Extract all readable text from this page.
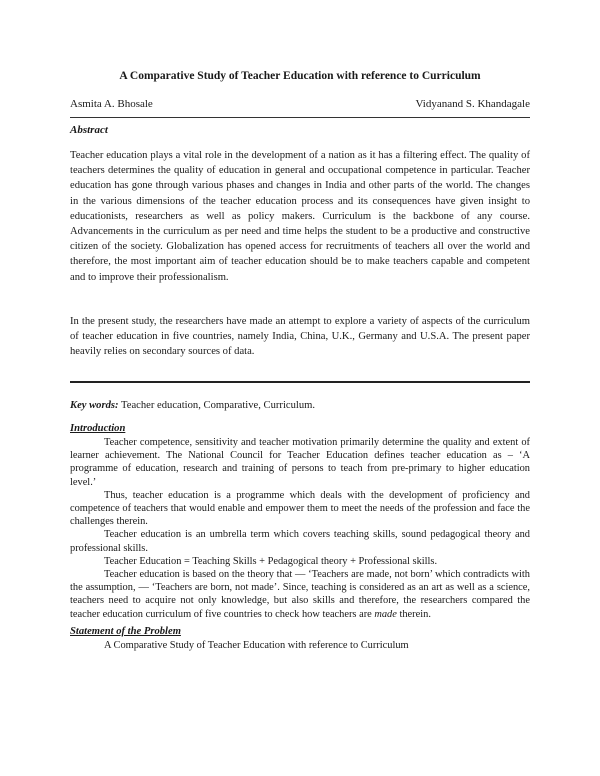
A Comparative Study of Teacher Education with reference to Curriculum
Asmita A. Bhosale	Vidyanand S. Khandagale
Abstract

Teacher education plays a vital role in the development of a nation as it has a filtering effect. The quality of teachers determines the quality of education in general and occupational competence in particular. Teacher education has gone through various phases and changes in India and other parts of the world. The changes in the various dimensions of the teacher education process and its consequences have given insight to educationists, researchers as well as policy makers. Curriculum is the backbone of any course. Advancements in the curriculum as per need and time helps the student to be a productive and constructive citizen of the society. Globalization has opened access for recruitments of teachers all over the world and therefore, the most important aim of teacher education should be to make teachers capable and competent and to improve their professionalism.

In the present study, the researchers have made an attempt to explore a variety of aspects of the curriculum of teacher education in five countries, namely India, China, U.K., Germany and U.S.A. The present paper heavily relies on secondary sources of data.

Key words: Teacher education, Comparative, Curriculum.
Introduction

Teacher competence, sensitivity and teacher motivation primarily determine the quality and extent of learner achievement. The National Council for Teacher Education defines teacher education as – ‘A programme of education, research and training of persons to teach from pre-primary to higher education level.’

Thus, teacher education is a programme which deals with the development of proficiency and competence of teachers that would enable and empower them to meet the needs of the profession and face the challenges therein.

Teacher education is an umbrella term which covers teaching skills, sound pedagogical theory and professional skills.

Teacher Education = Teaching Skills + Pedagogical theory + Professional skills.

Teacher education is based on the theory that — ‘Teachers are made, not born’ which contradicts with the assumption, — ‘Teachers are born, not made’. Since, teaching is considered as an art as well as a science, teachers need to acquire not only knowledge, but also skills and therefore, the researchers compared the teacher education curriculum of five countries to check how teachers are made therein.

Statement of the Problem
A Comparative Study of Teacher Education with reference to Curriculum
